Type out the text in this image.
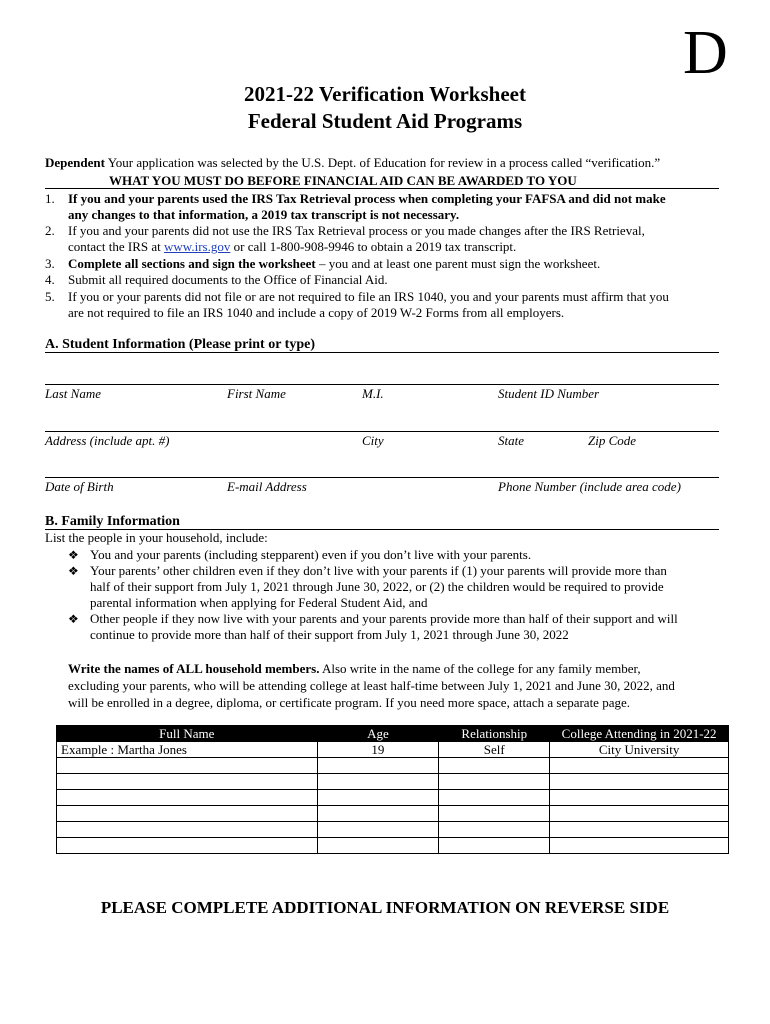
D
2021-22 Verification Worksheet
Federal Student Aid Programs
Dependent Your application was selected by the U.S. Dept. of Education for review in a process called “verification.”
WHAT YOU MUST DO BEFORE FINANCIAL AID CAN BE AWARDED TO YOU
1.	If you and your parents used the IRS Tax Retrieval process when completing your FAFSA and did not make
any changes to that information, a 2019 tax transcript is not necessary.
2.	If you and your parents did not use the IRS Tax Retrieval process or you made changes after the IRS Retrieval,
contact the IRS at www.irs.gov or call 1-800-908-9946 to obtain a 2019 tax transcript.
3.	Complete all sections and sign the worksheet – you and at least one parent must sign the worksheet.
4.	Submit all required documents to the Office of Financial Aid.
5.	If you or your parents did not file or are not required to file an IRS 1040, you and your parents must affirm that you
are not required to file an IRS 1040 and include a copy of 2019 W-2 Forms from all employers.
A. Student Information (Please print or type)
Last Name	First Name	M.I.	Student ID Number
Address (include apt. #)	City	State	Zip Code
Date of Birth	E-mail Address	Phone Number (include area code)
B. Family Information
List the people in your household, include:
❖ You and your parents (including stepparent) even if you don’t live with your parents.
❖ Your parents’ other children even if they don’t live with your parents if (1) your parents will provide more than
half of their support from July 1, 2021 through June 30, 2022, or (2) the children would be required to provide
parental information when applying for Federal Student Aid, and
❖ Other people if they now live with your parents and your parents provide more than half of their support and will
continue to provide more than half of their support from July 1, 2021 through June 30, 2022
Write the names of ALL household members. Also write in the name of the college for any family member,
excluding your parents, who will be attending college at least half-time between July 1, 2021 and June 30, 2022, and
will be enrolled in a degree, diploma, or certificate program. If you need more space, attach a separate page.
Full Name	Age	Relationship	College Attending in 2021-22
Example : Martha Jones	19	Self	City University

PLEASE COMPLETE ADDITIONAL INFORMATION ON REVERSE SIDE
